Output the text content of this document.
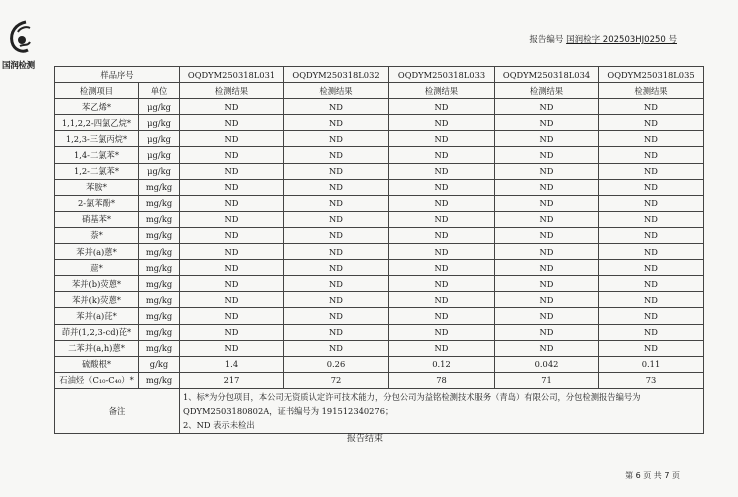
国润检测
报告编号 国润检字 202503HJ0250 号
样品序号		OQDYM250318L031	OQDYM250318L032	OQDYM250318L033	OQDYM250318L034	OQDYM250318L035
检测项目	单位	检测结果	检测结果	检测结果	检测结果	检测结果
苯乙烯*	μg/kg	ND	ND	ND	ND	ND
1,1,2,2-四氯乙烷*	μg/kg	ND	ND	ND	ND	ND
1,2,3-三氯丙烷*	μg/kg	ND	ND	ND	ND	ND
1,4-二氯苯*	μg/kg	ND	ND	ND	ND	ND
1,2-二氯苯*	μg/kg	ND	ND	ND	ND	ND
苯胺*	mg/kg	ND	ND	ND	ND	ND
2-氯苯酚*	mg/kg	ND	ND	ND	ND	ND
硝基苯*	mg/kg	ND	ND	ND	ND	ND
萘*	mg/kg	ND	ND	ND	ND	ND
苯并(a)蒽*	mg/kg	ND	ND	ND	ND	ND
䓛*	mg/kg	ND	ND	ND	ND	ND
苯并(b)荧蒽*	mg/kg	ND	ND	ND	ND	ND
苯并(k)荧蒽*	mg/kg	ND	ND	ND	ND	ND
苯并(a)芘*	mg/kg	ND	ND	ND	ND	ND
茚并(1,2,3-cd)芘*	mg/kg	ND	ND	ND	ND	ND
二苯并(a,h)蒽*	mg/kg	ND	ND	ND	ND	ND
硫酸根*	g/kg	1.4	0.26	0.12	0.042	0.11
石油烃（C₁₀-C₄₀）*	mg/kg	217	72	78	71	73
备注		1、标*为分包项目，本公司无资质认定许可技术能力，分包公司为益铭检测技术服务（青岛）有限公司，分包检测报告编号为
QDYM2503180802A，证书编号为 191512340276；
2、ND 表示未检出				
报告结束
第 6 页 共 7 页
